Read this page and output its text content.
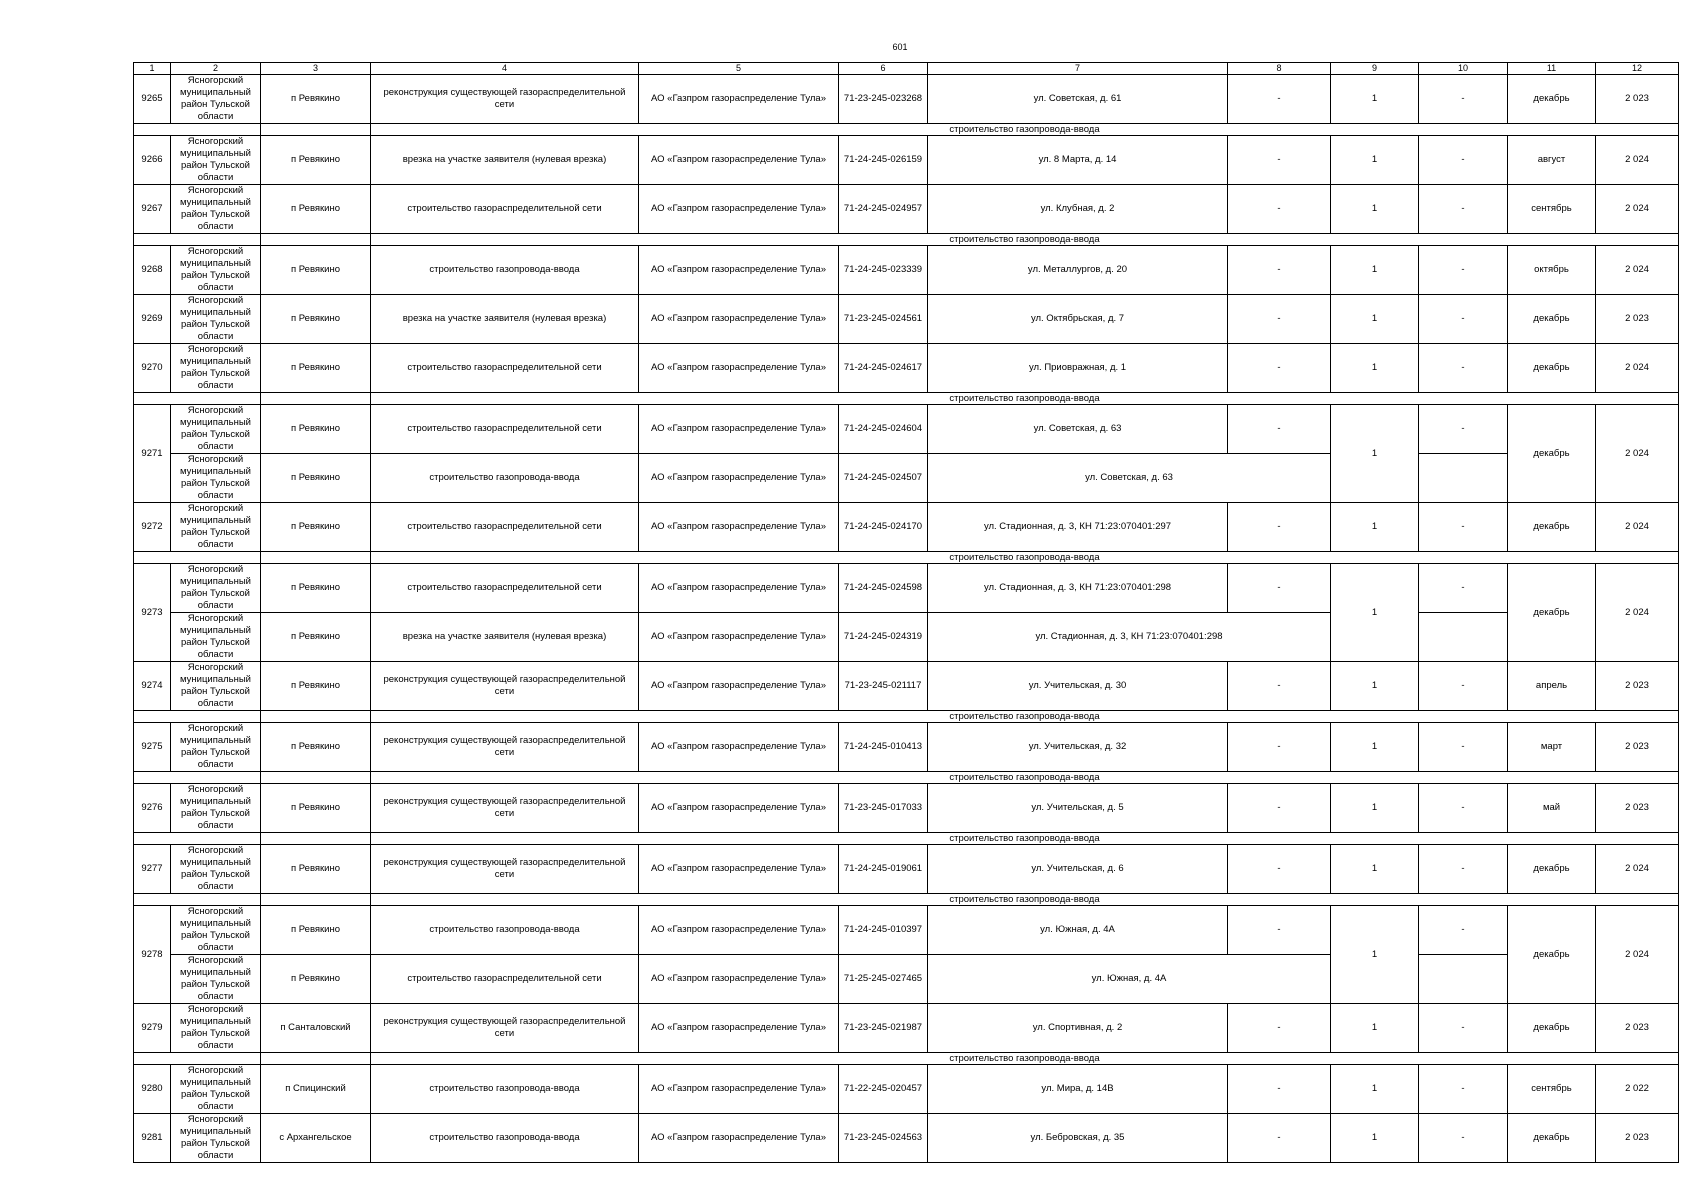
601
1	2	3	4	5	6	7	8	9	10	11	12
9265	Ясногорский муниципальный район Тульской области	п Ревякино	реконструкция существующей газораспределительной сети	АО «Газпром газораспределение Тула»	71-23-245-023268	ул. Советская, д. 61	-	1	-	декабрь	2 023
			строительство газопровода-ввода								
9266	Ясногорский муниципальный район Тульской области	п Ревякино	врезка на участке заявителя (нулевая врезка)	АО «Газпром газораспределение Тула»	71-24-245-026159	ул. 8 Марта, д. 14	-	1	-	август	2 024
9267	Ясногорский муниципальный район Тульской области	п Ревякино	строительство газораспределительной сети	АО «Газпром газораспределение Тула»	71-24-245-024957	ул. Клубная, д. 2	-	1	-	сентябрь	2 024
			строительство газопровода-ввода								
9268	Ясногорский муниципальный район Тульской области	п Ревякино	строительство газопровода-ввода	АО «Газпром газораспределение Тула»	71-24-245-023339	ул. Металлургов, д. 20	-	1	-	октябрь	2 024
9269	Ясногорский муниципальный район Тульской области	п Ревякино	врезка на участке заявителя (нулевая врезка)	АО «Газпром газораспределение Тула»	71-23-245-024561	ул. Октябрьская, д. 7	-	1	-	декабрь	2 023
9270	Ясногорский муниципальный район Тульской области	п Ревякино	строительство газораспределительной сети	АО «Газпром газораспределение Тула»	71-24-245-024617	ул. Приовражная, д. 1	-	1	-	декабрь	2 024
			строительство газопровода-ввода								
9271	Ясногорский муниципальный район Тульской области	п Ревякино	строительство газораспределительной сети	АО «Газпром газораспределение Тула»	71-24-245-024604	ул. Советская, д. 63	-	1	-	декабрь	2 024
	Ясногорский муниципальный район Тульской области	п Ревякино	строительство газопровода-ввода	АО «Газпром газораспределение Тула»	71-24-245-024507	ул. Советская, д. 63					
9272	Ясногорский муниципальный район Тульской области	п Ревякино	строительство газораспределительной сети	АО «Газпром газораспределение Тула»	71-24-245-024170	ул. Стадионная, д. 3, КН 71:23:070401:297	-	1	-	декабрь	2 024
			строительство газопровода-ввода								
9273	Ясногорский муниципальный район Тульской области	п Ревякино	строительство газораспределительной сети	АО «Газпром газораспределение Тула»	71-24-245-024598	ул. Стадионная, д. 3, КН 71:23:070401:298	-	1	-	декабрь	2 024
	Ясногорский муниципальный район Тульской области	п Ревякино	врезка на участке заявителя (нулевая врезка)	АО «Газпром газораспределение Тула»	71-24-245-024319	ул. Стадионная, д. 3, КН 71:23:070401:298					
9274	Ясногорский муниципальный район Тульской области	п Ревякино	реконструкция существующей газораспределительной сети	АО «Газпром газораспределение Тула»	71-23-245-021117	ул. Учительская, д. 30	-	1	-	апрель	2 023
			строительство газопровода-ввода								
9275	Ясногорский муниципальный район Тульской области	п Ревякино	реконструкция существующей газораспределительной сети	АО «Газпром газораспределение Тула»	71-24-245-010413	ул. Учительская, д. 32	-	1	-	март	2 023
			строительство газопровода-ввода								
9276	Ясногорский муниципальный район Тульской области	п Ревякино	реконструкция существующей газораспределительной сети	АО «Газпром газораспределение Тула»	71-23-245-017033	ул. Учительская, д. 5	-	1	-	май	2 023
			строительство газопровода-ввода								
9277	Ясногорский муниципальный район Тульской области	п Ревякино	реконструкция существующей газораспределительной сети	АО «Газпром газораспределение Тула»	71-24-245-019061	ул. Учительская, д. 6	-	1	-	декабрь	2 024
			строительство газопровода-ввода								
9278	Ясногорский муниципальный район Тульской области	п Ревякино	строительство газопровода-ввода	АО «Газпром газораспределение Тула»	71-24-245-010397	ул. Южная, д. 4А	-	1	-	декабрь	2 024
	Ясногорский муниципальный район Тульской области	п Ревякино	строительство газораспределительной сети	АО «Газпром газораспределение Тула»	71-25-245-027465	ул. Южная, д. 4А					
9279	Ясногорский муниципальный район Тульской области	п Санталовский	реконструкция существующей газораспределительной сети	АО «Газпром газораспределение Тула»	71-23-245-021987	ул. Спортивная, д. 2	-	1	-	декабрь	2 023
			строительство газопровода-ввода								
9280	Ясногорский муниципальный район Тульской области	п Спицинский	строительство газопровода-ввода	АО «Газпром газораспределение Тула»	71-22-245-020457	ул. Мира, д. 14В	-	1	-	сентябрь	2 022
9281	Ясногорский муниципальный район Тульской области	с Архангельское	строительство газопровода-ввода	АО «Газпром газораспределение Тула»	71-23-245-024563	ул. Бебровская, д. 35	-	1	-	декабрь	2 023
